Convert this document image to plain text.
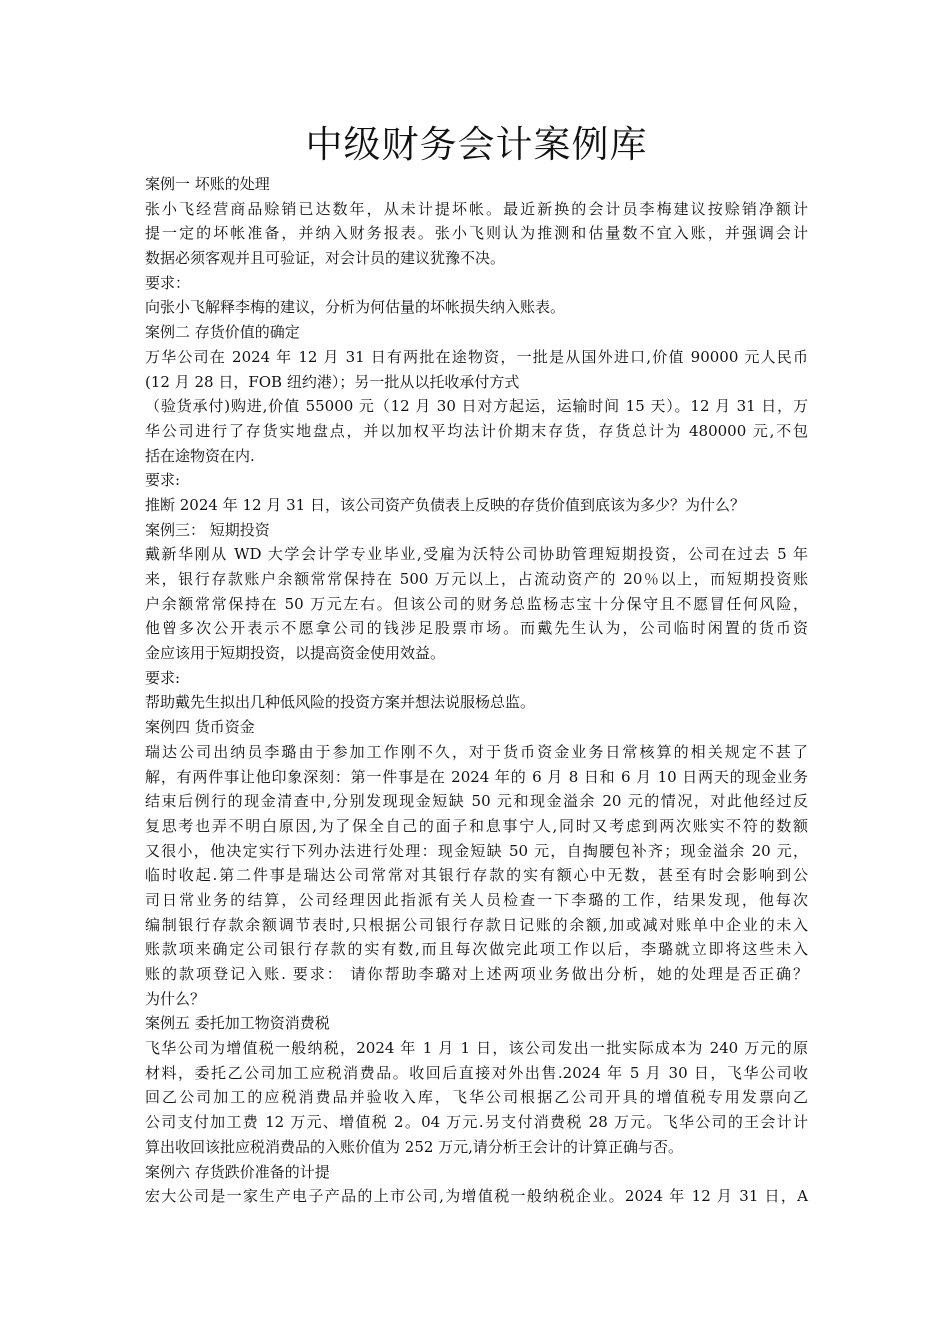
中级财务会计案例库
案例一 坏账的处理
张小飞经营商品赊销已达数年，从未计提坏帐。最近新换的会计员李梅建议按赊销净额计
提一定的坏帐准备，并纳入财务报表。张小飞则认为推测和估量数不宜入账，并强调会计
数据必须客观并且可验证，对会计员的建议犹豫不决。
要求：
向张小飞解释李梅的建议，分析为何估量的坏帐损失纳入账表。
案例二 存货价值的确定
万华公司在 2024 年 12 月 31 日有两批在途物资，一批是从国外进口,价值 90000 元人民币
(12 月 28 日，FOB 纽约港）；另一批从以托收承付方式
（验货承付)购进,价值 55000 元（12 月 30 日对方起运，运输时间 15 天）。12 月 31 日，万
华公司进行了存货实地盘点，并以加权平均法计价期末存货，存货总计为 480000 元,不包
括在途物资在内.
要求:
推断 2024 年 12 月 31 日，该公司资产负债表上反映的存货价值到底该为多少？为什么？
案例三： 短期投资
戴新华刚从 WD 大学会计学专业毕业,受雇为沃特公司协助管理短期投资，公司在过去 5 年
来，银行存款账户余额常常保持在 500 万元以上，占流动资产的 20％以上，而短期投资账
户余额常常保持在 50 万元左右。但该公司的财务总监杨志宝十分保守且不愿冒任何风险，
他曾多次公开表示不愿拿公司的钱涉足股票市场。而戴先生认为，公司临时闲置的货币资
金应该用于短期投资，以提高资金使用效益。
要求:
帮助戴先生拟出几种低风险的投资方案并想法说服杨总监。
案例四 货币资金
瑞达公司出纳员李璐由于参加工作刚不久，对于货币资金业务日常核算的相关规定不甚了
解，有两件事让他印象深刻：第一件事是在 2024 年的 6 月 8 日和 6 月 10 日两天的现金业务
结束后例行的现金清查中,分别发现现金短缺 50 元和现金溢余 20 元的情况，对此他经过反
复思考也弄不明白原因,为了保全自己的面子和息事宁人,同时又考虑到两次账实不符的数额
又很小，他决定实行下列办法进行处理：现金短缺 50 元，自掏腰包补齐；现金溢余 20 元，
临时收起.第二件事是瑞达公司常常对其银行存款的实有额心中无数，甚至有时会影响到公
司日常业务的结算，公司经理因此指派有关人员检查一下李璐的工作，结果发现，他每次
编制银行存款余额调节表时,只根据公司银行存款日记账的余额,加或减对账单中企业的未入
账款项来确定公司银行存款的实有数,而且每次做完此项工作以后，李璐就立即将这些未入
账的款项登记入账. 要求： 请你帮助李璐对上述两项业务做出分析，她的处理是否正确？
为什么？
案例五 委托加工物资消费税
飞华公司为增值税一般纳税，2024 年 1 月 1 日，该公司发出一批实际成本为 240 万元的原
材料，委托乙公司加工应税消费品。收回后直接对外出售.2024 年 5 月 30 日，飞华公司收
回乙公司加工的应税消费品并验收入库，飞华公司根据乙公司开具的增值税专用发票向乙
公司支付加工费 12 万元、增值税 2。04 万元.另支付消费税 28 万元。飞华公司的王会计计
算出收回该批应税消费品的入账价值为 252 万元,请分析王会计的计算正确与否。
案例六 存货跌价准备的计提
宏大公司是一家生产电子产品的上市公司,为增值税一般纳税企业。2024 年 12 月 31 日，A
